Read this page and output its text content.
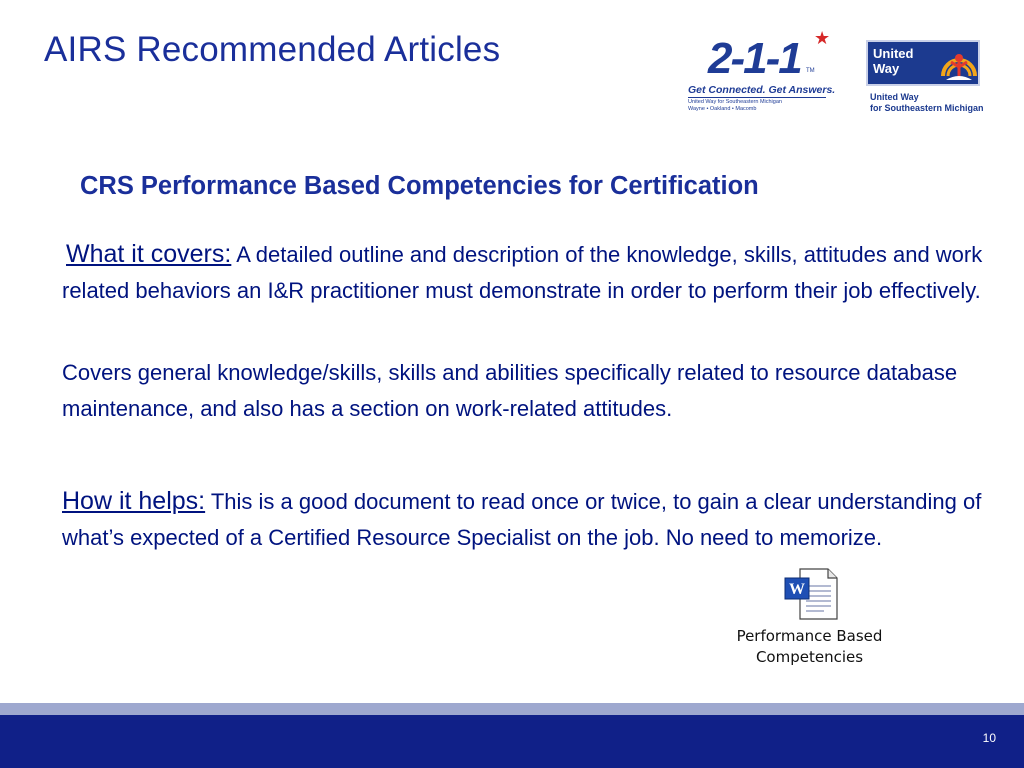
AIRS Recommended Articles	2-1-1 ★
TM
Get Connected. Get Answers.
United Way for Southeastern Michigan
Wayne • Oakland • Macomb
United Way
United Way
for Southeastern Michigan
CRS Performance Based Competencies for Certification
What it covers: A detailed outline and description of the knowledge, skills, attitudes and work related behaviors an I&R practitioner must demonstrate in order to perform their job effectively.
Covers general knowledge/skills, skills and abilities specifically related to resource database maintenance, and also has a section on work-related attitudes.
How it helps: This is a good document to read once or twice, to gain a clear understanding of what’s expected of a Certified Resource Specialist on the job. No need to memorize.
W
Performance Based Competencies
10
